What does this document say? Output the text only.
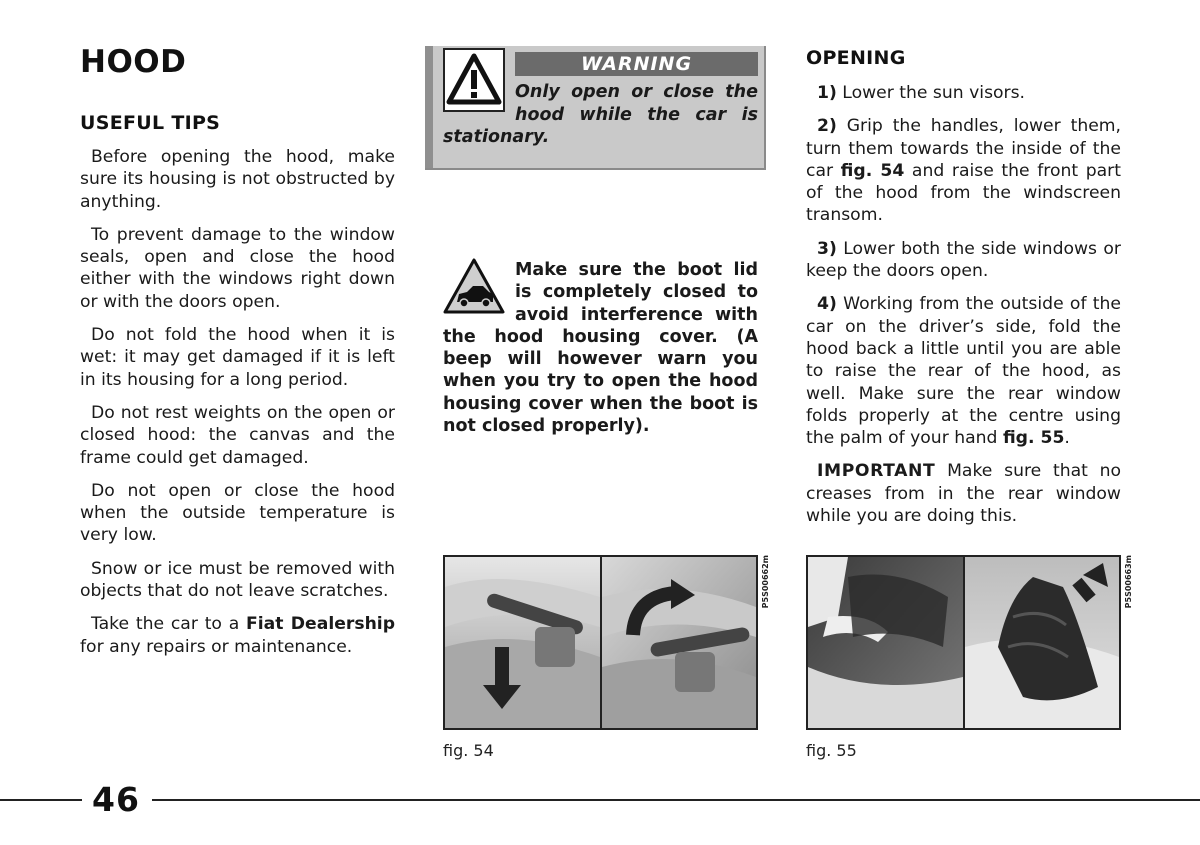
HOOD
USEFUL TIPS

Before opening the hood, make sure its housing is not obstructed by anything.

To prevent damage to the window seals, open and close the hood either with the windows right down or with the doors open.

Do not fold the hood when it is wet: it may get damaged if it is left in its housing for a long period.

Do not rest weights on the open or closed hood: the canvas and the frame could get damaged.

Do not open or close the hood when the outside temperature is very low.

Snow or ice must be removed with objects that do not leave scratches.

Take the car to a Fiat Dealership for any repairs or maintenance.

WARNING
Only open or close the hood while the car is stationary.
Make sure the boot lid is completely closed to avoid interference with the hood housing cover. (A beep will however warn you when you try to open the hood housing cover when the boot is not closed properly).
OPENING

1) Lower the sun visors.

2) Grip the handles, lower them, turn them towards the inside of the car fig. 54 and raise the front part of the hood from the windscreen transom.

3) Lower both the side windows or keep the doors open.

4) Working from the outside of the car on the driver’s side, fold the hood back a little until you are able to raise the rear of the hood, as well. Make sure the rear window folds properly at the centre using the palm of your hand fig. 55.

IMPORTANT Make sure that no creases from in the rear window while you are doing this.

P5S00662m
fig. 54
P5S00663m
fig. 55
46
